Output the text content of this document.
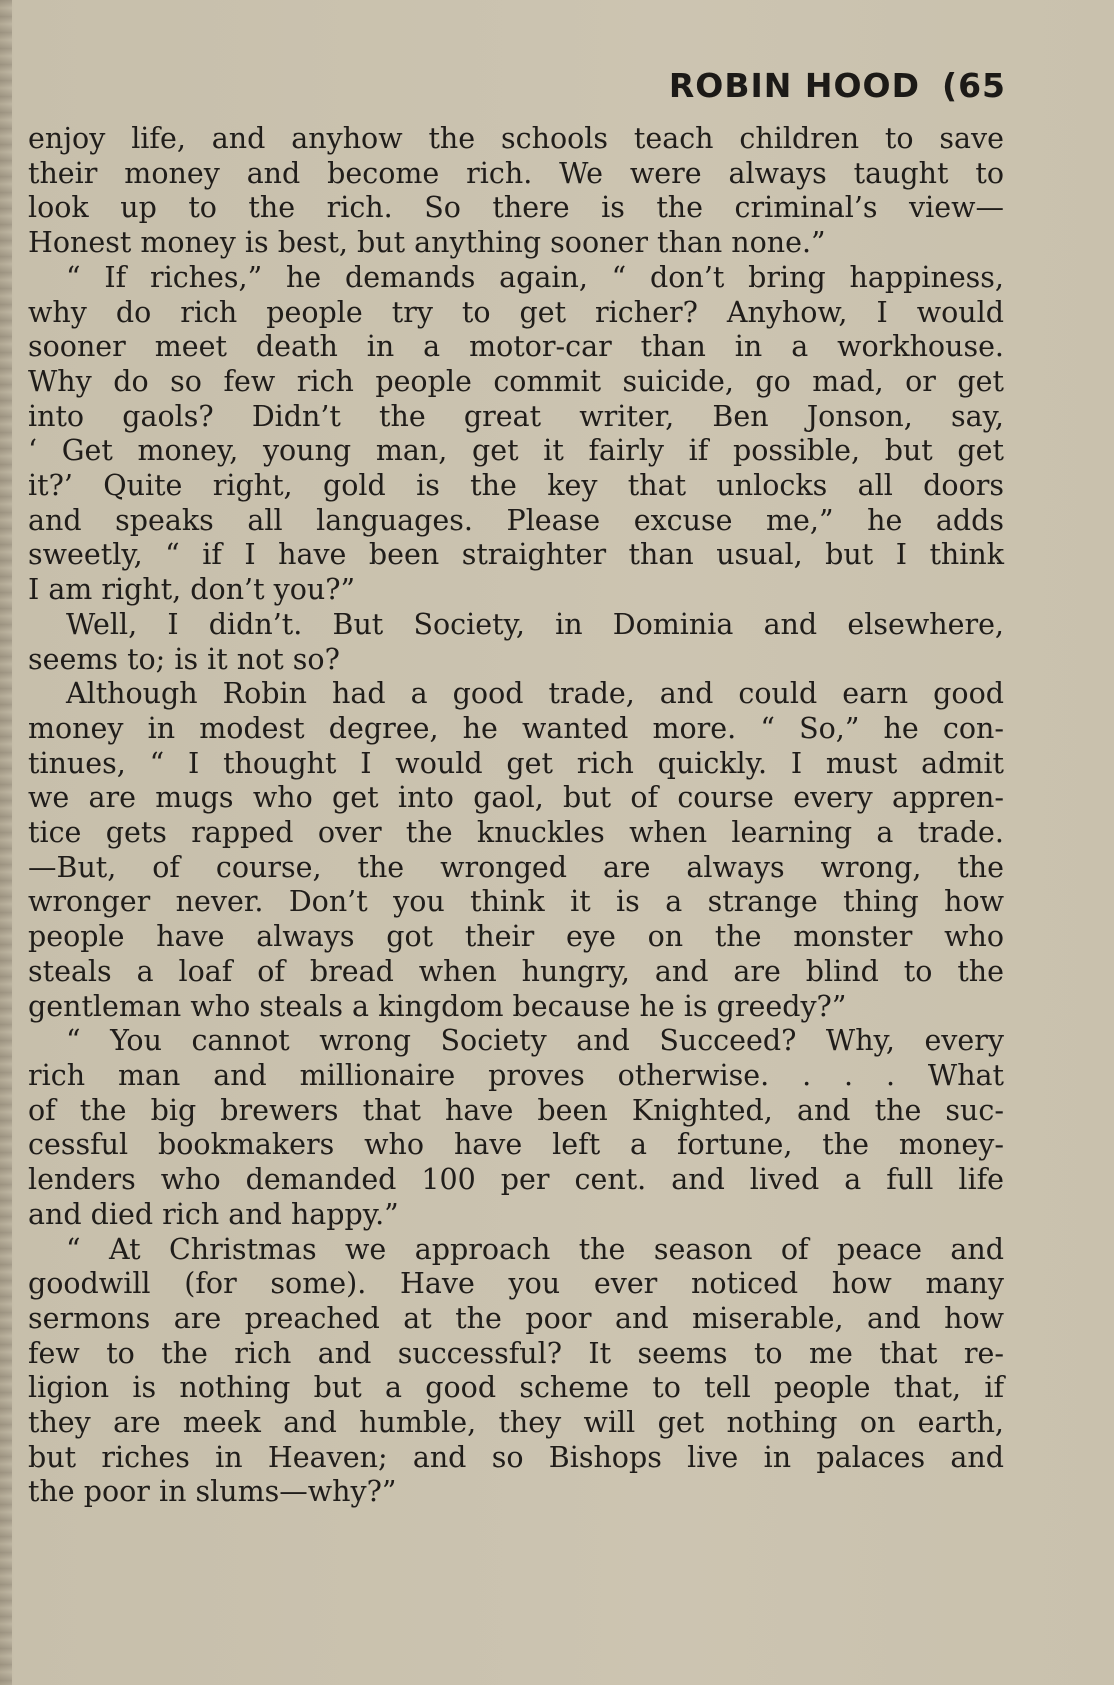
ROBIN HOOD (65
enjoy life, and anyhow the schools teach children to save
their money and become rich. We were always taught to
look up to the rich. So there is the criminal’s view—
Honest money is best, but anything sooner than none.”
“ If riches,” he demands again, “ don’t bring happiness,
why do rich people try to get richer? Anyhow, I would
sooner meet death in a motor-car than in a workhouse.
Why do so few rich people commit suicide, go mad, or get
into gaols? Didn’t the great writer, Ben Jonson, say,
‘ Get money, young man, get it fairly if possible, but get
it?’ Quite right, gold is the key that unlocks all doors
and speaks all languages. Please excuse me,” he adds
sweetly, “ if I have been straighter than usual, but I think
I am right, don’t you?”
Well, I didn’t. But Society, in Dominia and elsewhere,
seems to; is it not so?
Although Robin had a good trade, and could earn good
money in modest degree, he wanted more. “ So,” he con-
tinues, “ I thought I would get rich quickly. I must admit
we are mugs who get into gaol, but of course every appren-
tice gets rapped over the knuckles when learning a trade.
—But, of course, the wronged are always wrong, the
wronger never. Don’t you think it is a strange thing how
people have always got their eye on the monster who
steals a loaf of bread when hungry, and are blind to the
gentleman who steals a kingdom because he is greedy?”
“ You cannot wrong Society and Succeed? Why, every
rich man and millionaire proves otherwise. . . . What
of the big brewers that have been Knighted, and the suc-
cessful bookmakers who have left a fortune, the money-
lenders who demanded 100 per cent. and lived a full life
and died rich and happy.”
“ At Christmas we approach the season of peace and
goodwill (for some). Have you ever noticed how many
sermons are preached at the poor and miserable, and how
few to the rich and successful? It seems to me that re-
ligion is nothing but a good scheme to tell people that, if
they are meek and humble, they will get nothing on earth,
but riches in Heaven; and so Bishops live in palaces and
the poor in slums—why?”
